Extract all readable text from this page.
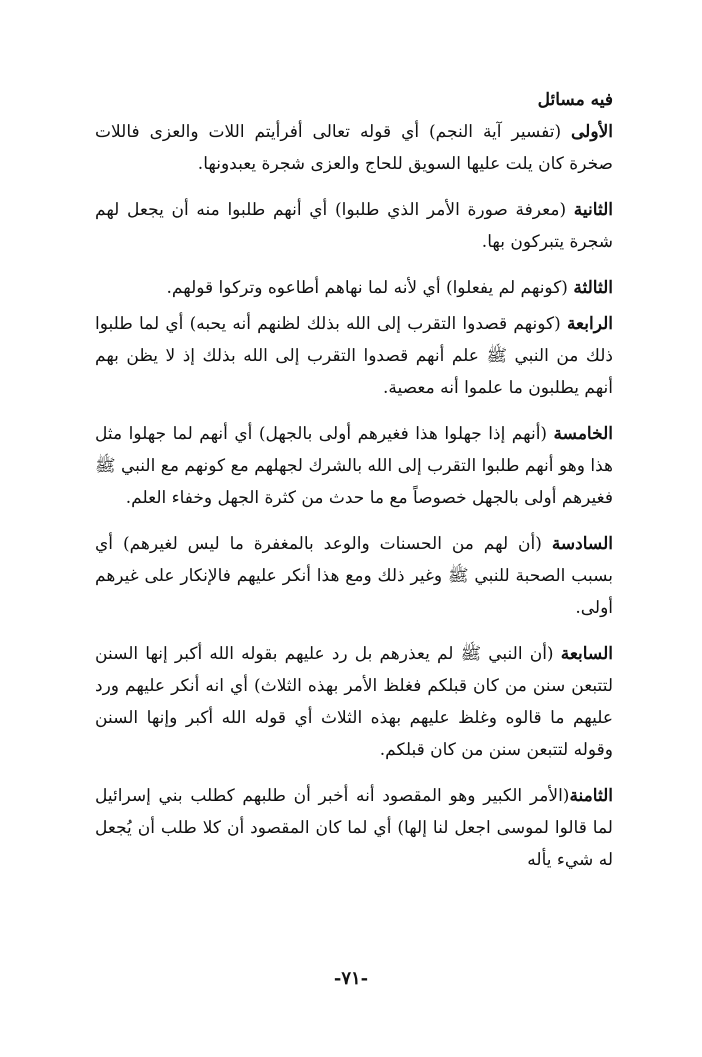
فيه مسائل

الأولى (تفسير آية النجم) أي قوله تعالى أفرأيتم اللات والعزى فاللات صخرة كان يلت عليها السويق للحاج والعزى شجرة يعبدونها.

الثانية (معرفة صورة الأمر الذي طلبوا) أي أنهم طلبوا منه أن يجعل لهم شجرة يتبركون بها.

الثالثة (كونهم لم يفعلوا) أي لأنه لما نهاهم أطاعوه وتركوا قولهم.

الرابعة (كونهم قصدوا التقرب إلى الله بذلك لظنهم أنه يحبه) أي لما طلبوا ذلك من النبي ﷺ علم أنهم قصدوا التقرب إلى الله بذلك إذ لا يظن بهم أنهم يطلبون ما علموا أنه معصية.

الخامسة (أنهم إذا جهلوا هذا فغيرهم أولى بالجهل) أي أنهم لما جهلوا مثل هذا وهو أنهم طلبوا التقرب إلى الله بالشرك لجهلهم مع كونهم مع النبي ﷺ فغيرهم أولى بالجهل خصوصاً مع ما حدث من كثرة الجهل وخفاء العلم.

السادسة (أن لهم من الحسنات والوعد بالمغفرة ما ليس لغيرهم) أي بسبب الصحبة للنبي ﷺ وغير ذلك ومع هذا أنكر عليهم فالإنكار على غيرهم أولى.

السابعة (أن النبي ﷺ لم يعذرهم بل رد عليهم بقوله الله أكبر إنها السنن لتتبعن سنن من كان قبلكم فغلظ الأمر بهذه الثلاث) أي انه أنكر عليهم ورد عليهم ما قالوه وغلظ عليهم بهذه الثلاث أي قوله الله أكبر وإنها السنن وقوله لتتبعن سنن من كان قبلكم.

الثامنة(الأمر الكبير وهو المقصود أنه أخبر أن طلبهم كطلب بني إسرائيل لما قالوا لموسى اجعل لنا إلها) أي لما كان المقصود أن كلا طلب أن يُجعل له شيء يأله

-٧١-
